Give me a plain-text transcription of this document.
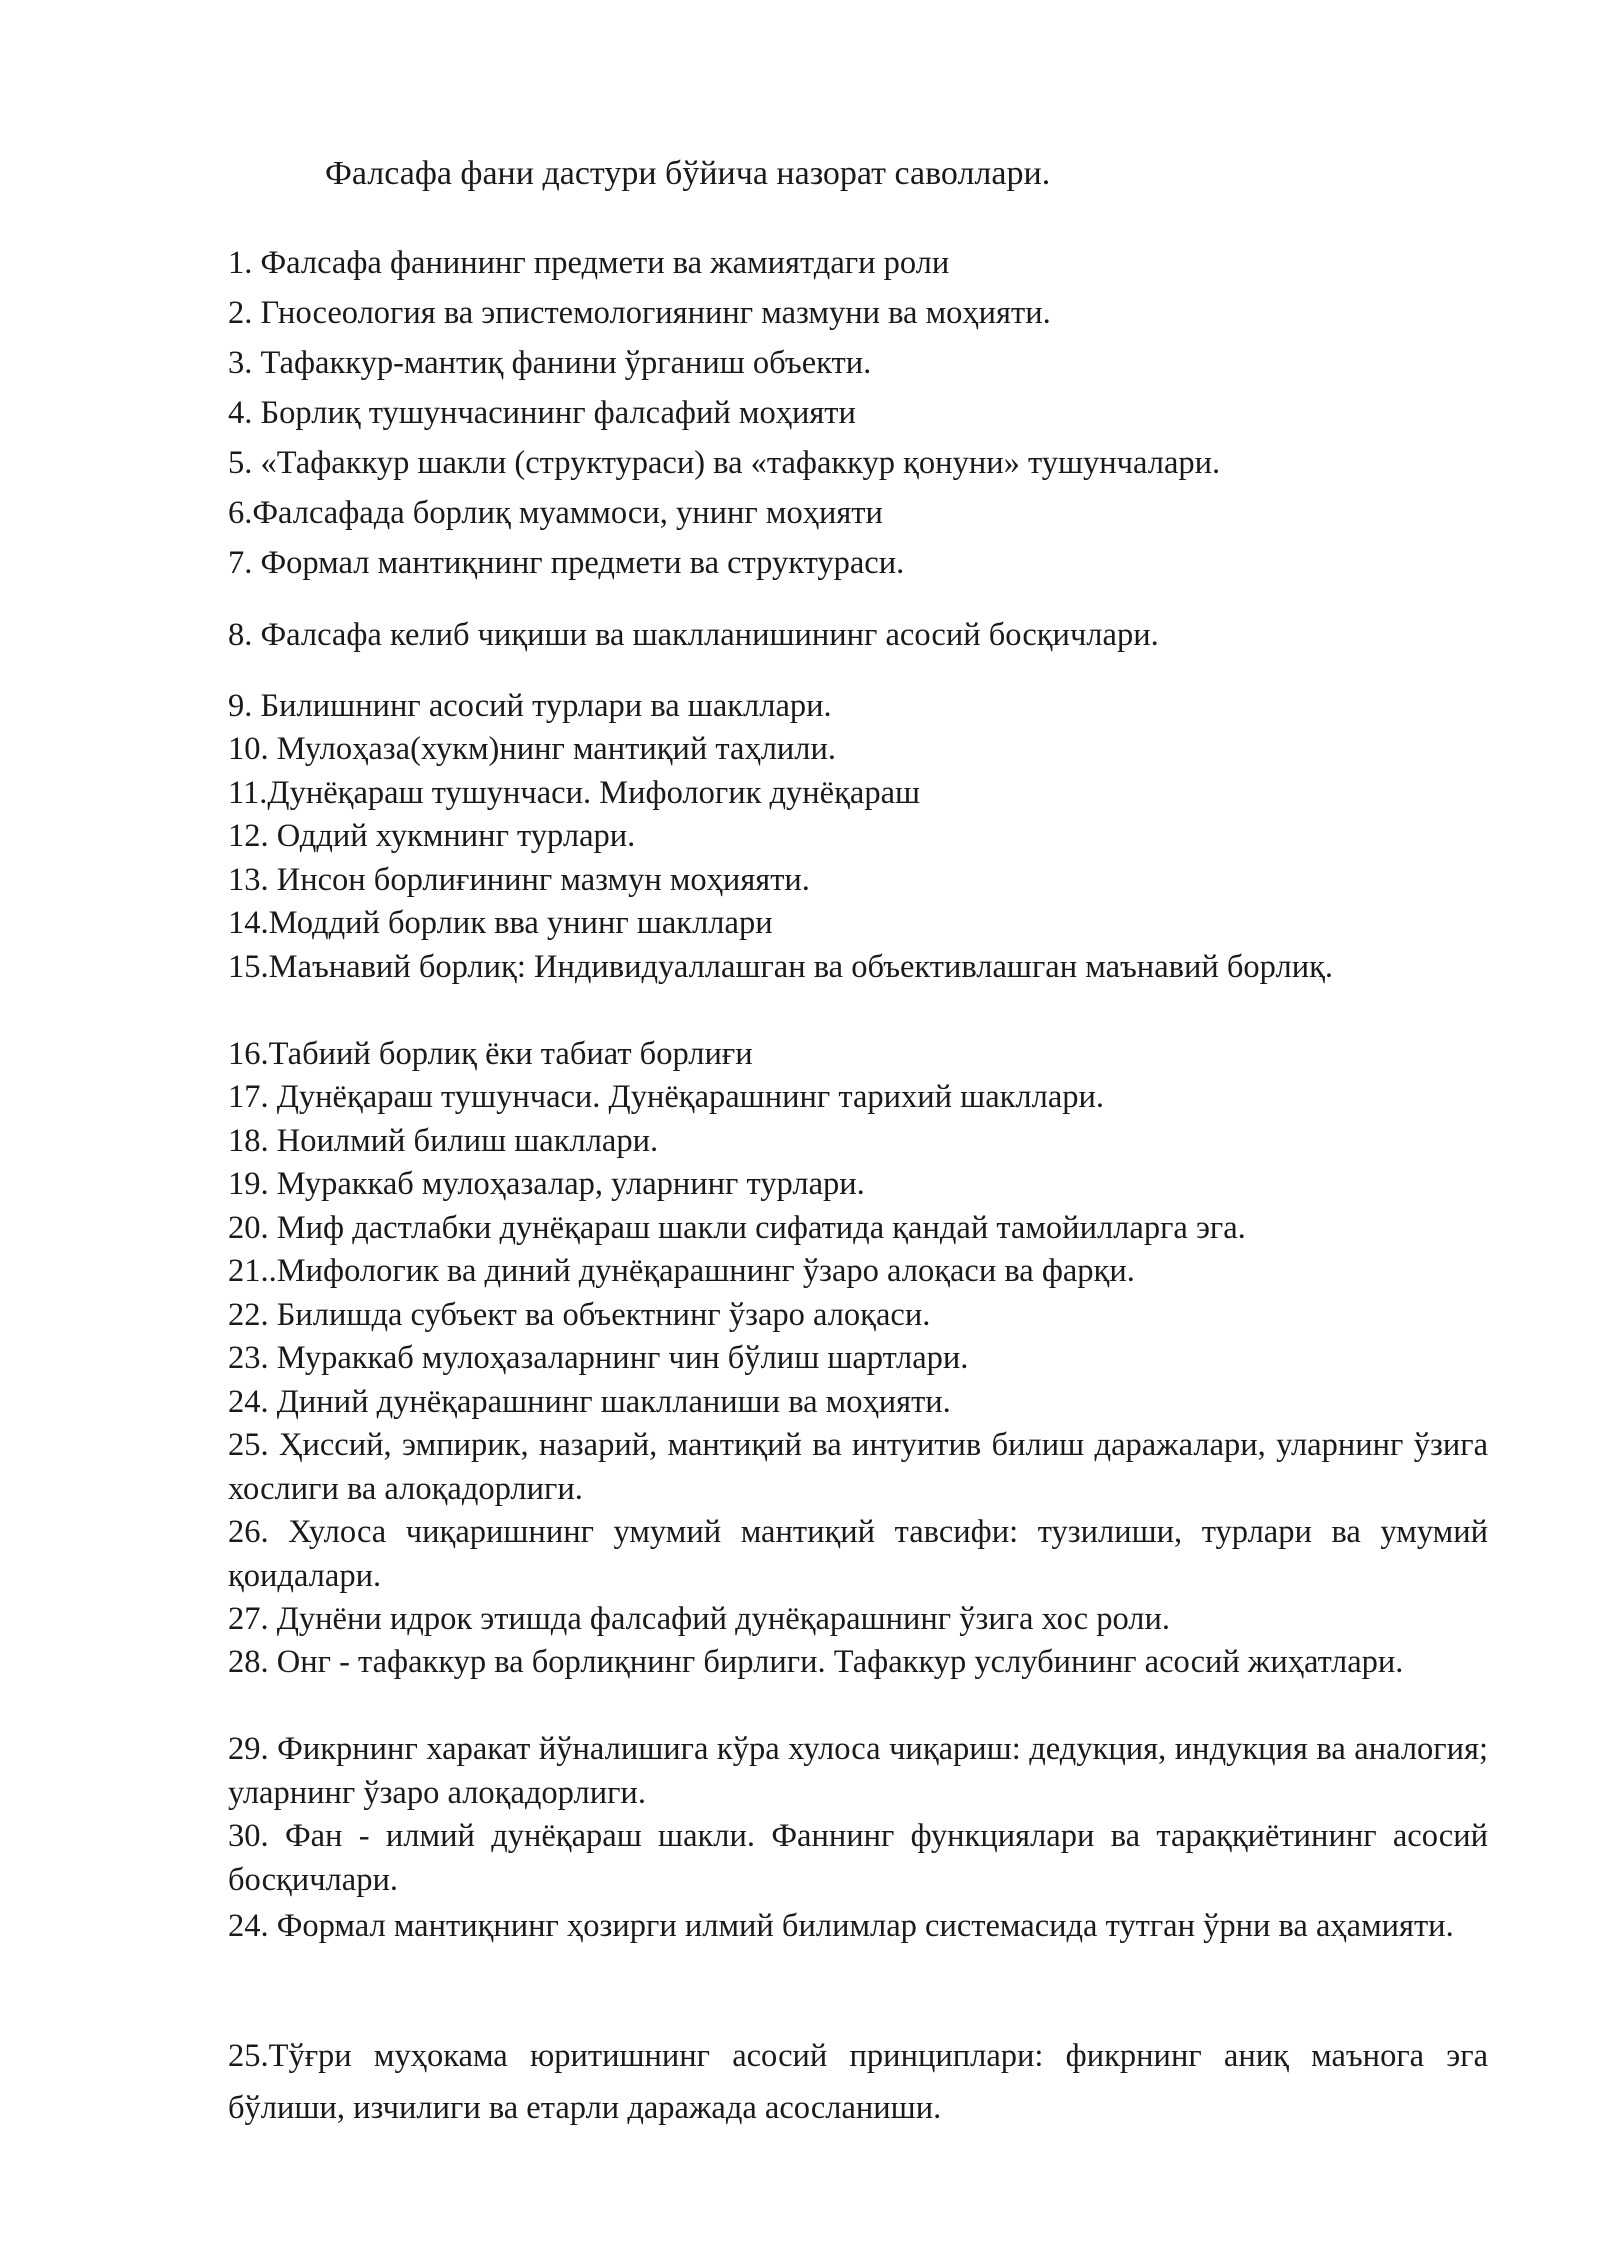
Фалсафа фани дастури бўйича назорат саволлари.
1. Фалсафа фанининг предмети ва жамиятдаги роли
2. Гносеология ва эпистемологиянинг мазмуни ва моҳияти.
3. Тафаккур-мантиқ фанини ўрганиш объекти.
4. Борлиқ тушунчасининг фалсафий моҳияти
5. «Тафаккур шакли (структураси) ва «тафаккур қонуни» тушунчалари.
6.Фалсафада борлиқ муаммоси, унинг моҳияти
7. Формал мантиқнинг предмети ва структураси.
8. Фалсафа келиб чиқиши ва шаклланишининг асосий босқичлари.
9. Билишнинг асосий турлари ва шакллари.
10. Мулоҳаза(хукм)нинг мантиқий таҳлили.
11.Дунёқараш тушунчаси. Мифологик дунёқараш
12. Оддий хукмнинг турлари.
13. Инсон борлиғининг мазмун моҳияяти.
14.Моддий борлик вва унинг шакллари
15.Маънавий борлиқ: Индивидуаллашган ва объективлашган маънавий борлиқ.
16.Табиий борлиқ ёки табиат борлиғи
17. Дунёқараш тушунчаси. Дунёқарашнинг тарихий шакллари.
18. Ноилмий билиш шакллари.
19. Мураккаб мулоҳазалар, уларнинг турлари.
20. Миф дастлабки дунёқараш шакли сифатида қандай тамойилларга эга.
21..Мифологик ва диний дунёқарашнинг ўзаро алоқаси ва фарқи.
22. Билишда субъект ва объектнинг ўзаро алоқаси.
23. Мураккаб мулоҳазаларнинг чин бўлиш шартлари.
24. Диний дунёқарашнинг шаклланиши ва моҳияти.
25. Ҳиссий, эмпирик, назарий, мантиқий ва интуитив билиш даражалари, уларнинг ўзига хослиги ва алоқадорлиги.
26. Хулоса чиқаришнинг умумий мантиқий тавсифи: тузилиши, турлари ва умумий қоидалари.
27. Дунёни идрок этишда фалсафий дунёқарашнинг ўзига хос роли.
28. Онг - тафаккур ва борлиқнинг бирлиги. Тафаккур услубининг асосий жиҳатлари.
29. Фикрнинг харакат йўналишига кўра хулоса чиқариш: дедукция, индукция ва аналогия; уларнинг ўзаро алоқадорлиги.
30. Фан - илмий дунёқараш шакли. Фаннинг функциялари ва тараққиётининг асосий босқичлари.
24. Формал мантиқнинг ҳозирги илмий билимлар системасида тутган ўрни ва аҳамияти.
25.Тўғри муҳокама юритишнинг асосий принциплари: фикрнинг аниқ маънога эга бўлиши, изчилиги ва етарли даражада асосланиши.
